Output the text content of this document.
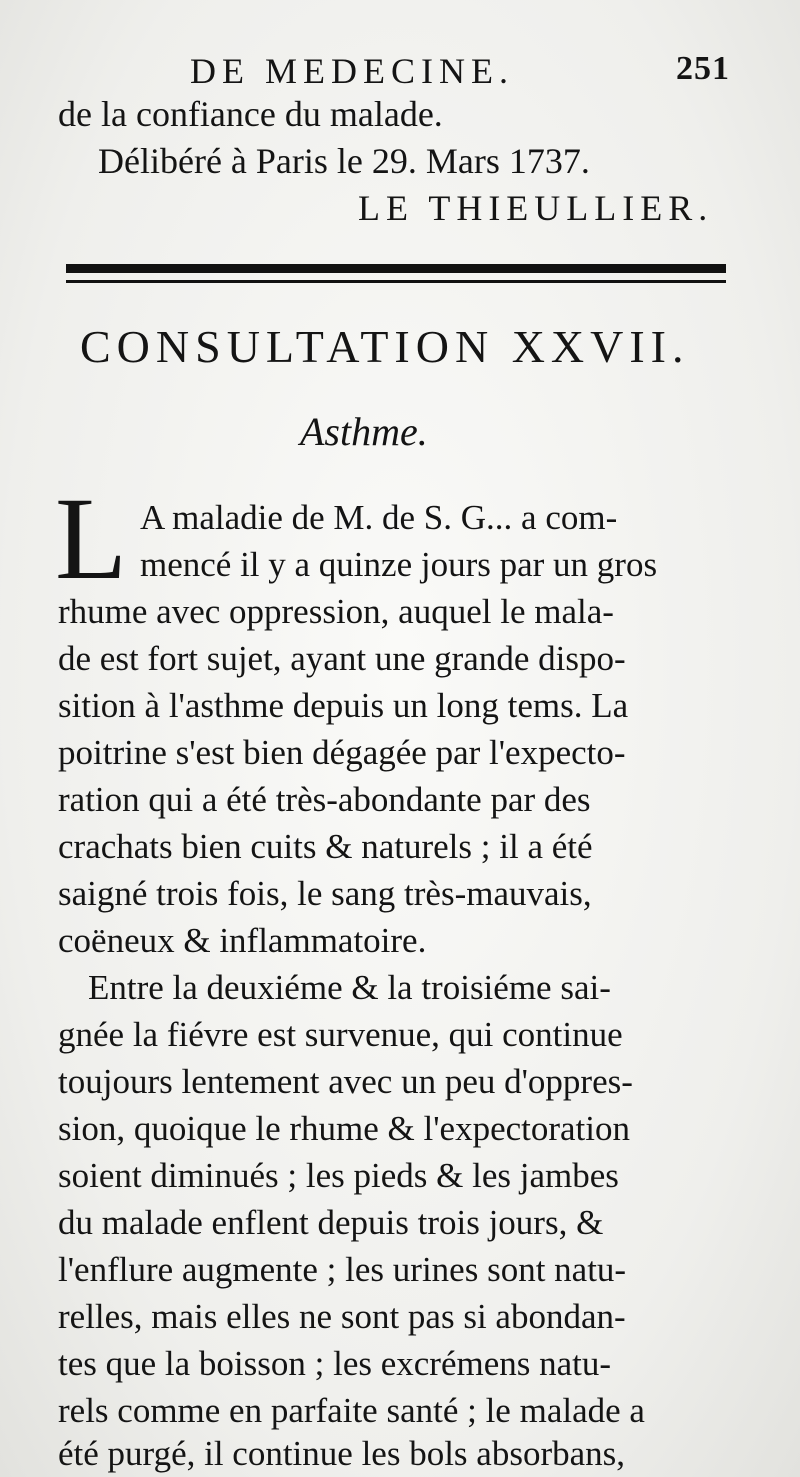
DE MEDECINE.	251
de la confiance du malade.
Délibéré à Paris le 29. Mars 1737.
LE THIEULLIER.
CONSULTATION XXVII.
Asthme.
L A maladie de M. de S. G... a com-
mencé il y a quinze jours par un gros
rhume avec oppression, auquel le mala-
de est fort sujet, ayant une grande dispo-
sition à l'asthme depuis un long tems. La
poitrine s'est bien dégagée par l'expecto-
ration qui a été très-abondante par des
crachats bien cuits & naturels ; il a été
saigné trois fois, le sang très-mauvais,
coëneux & inflammatoire.
Entre la deuxiéme & la troisiéme sai-
gnée la fiévre est survenue, qui continue
toujours lentement avec un peu d'oppres-
sion, quoique le rhume & l'expectoration
soient diminués ; les pieds & les jambes
du malade enflent depuis trois jours, &
l'enflure augmente ; les urines sont natu-
relles, mais elles ne sont pas si abondan-
tes que la boisson ; les excrémens natu-
rels comme en parfaite santé ; le malade a
été purgé, il continue les bols absorbans,
